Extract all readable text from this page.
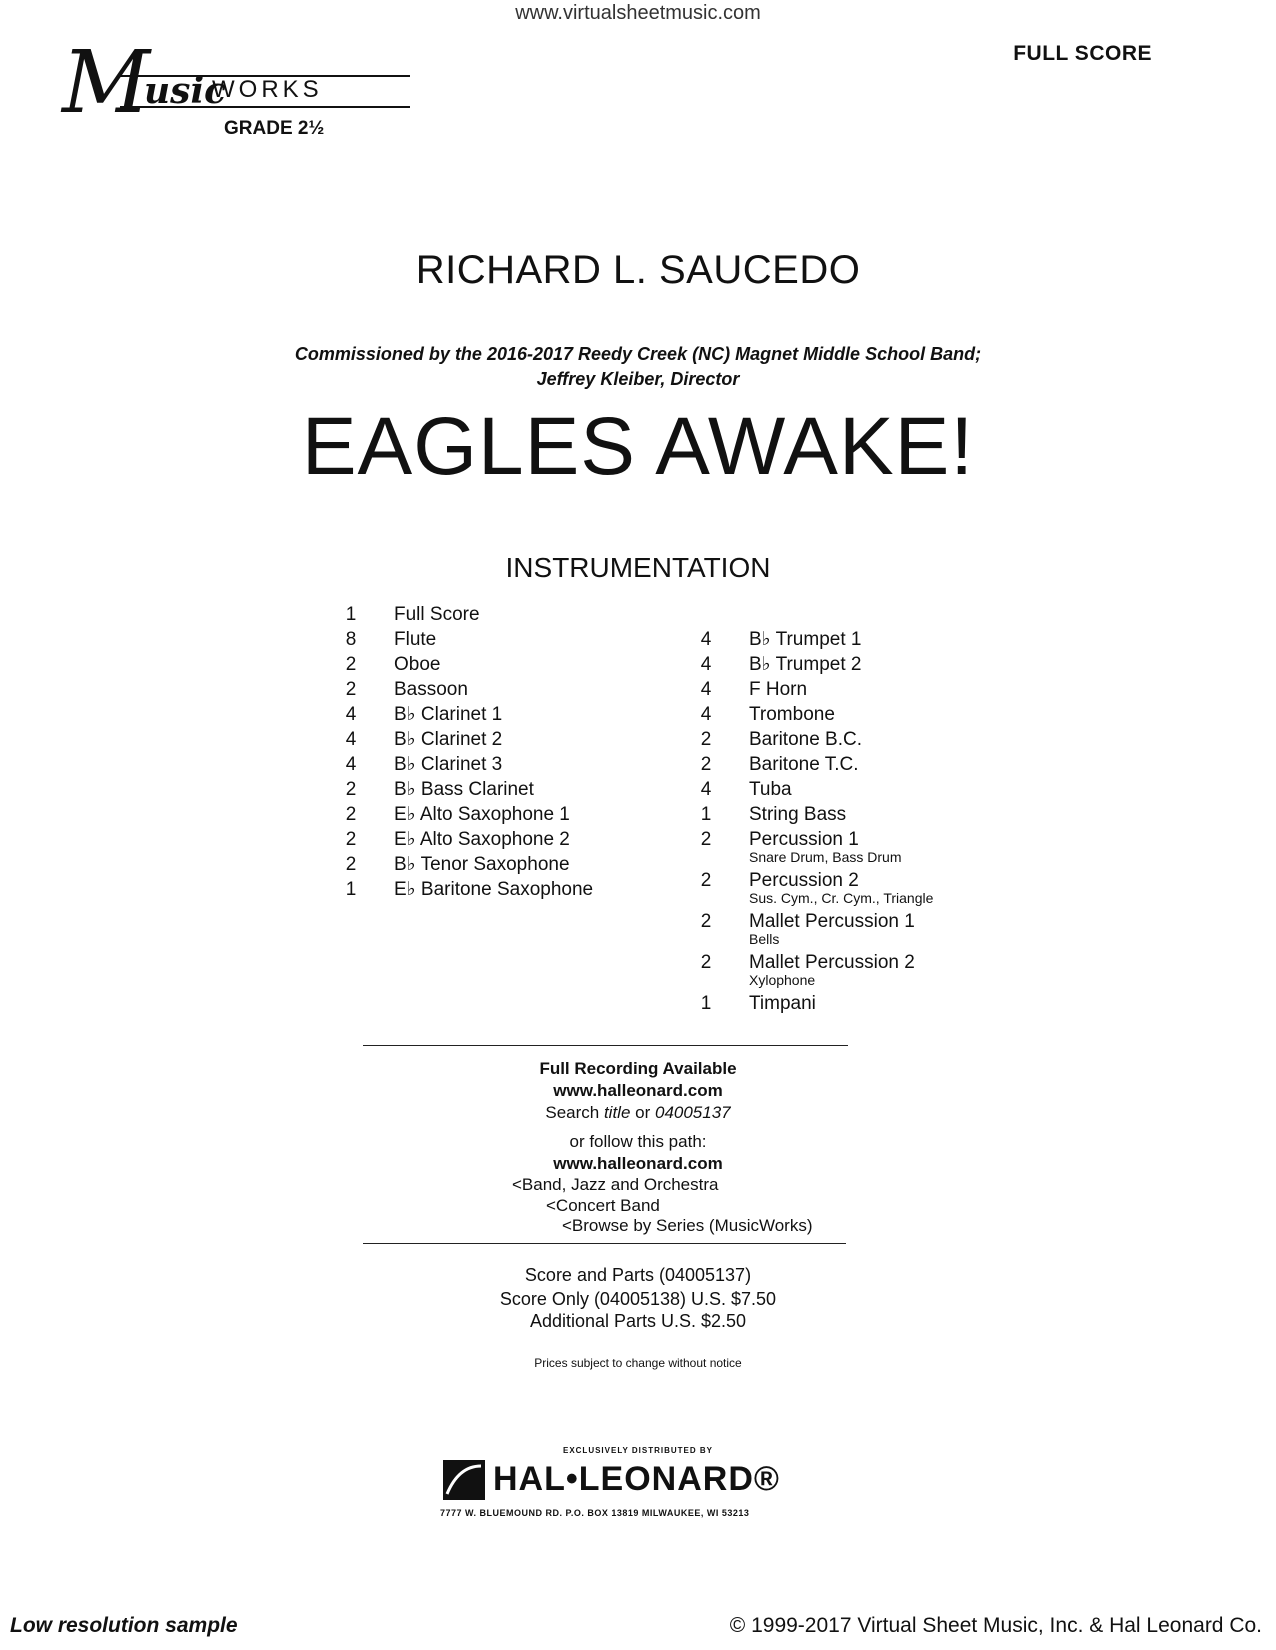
www.virtualsheetmusic.com
FULL SCORE
M
usic
WORKS
GRADE 2½
RICHARD L. SAUCEDO
Commissioned by the 2016-2017 Reedy Creek (NC) Magnet Middle School Band;
Jeffrey Kleiber, Director
EAGLES AWAKE!
INSTRUMENTATION
1	Full Score
8	Flute
2	Oboe
2	Bassoon
4	B♭ Clarinet 1
4	B♭ Clarinet 2
4	B♭ Clarinet 3
2	B♭ Bass Clarinet
2	E♭ Alto Saxophone 1
2	E♭ Alto Saxophone 2
2	B♭ Tenor Saxophone
1	E♭ Baritone Saxophone
4	B♭ Trumpet 1
4	B♭ Trumpet 2
4	F Horn
4	Trombone
2	Baritone B.C.
2	Baritone T.C.
4	Tuba
1	String Bass
2	Percussion 1
Snare Drum, Bass Drum
2	Percussion 2
Sus. Cym., Cr. Cym., Triangle
2	Mallet Percussion 1
Bells
2	Mallet Percussion 2
Xylophone
1	Timpani
Full Recording Available
www.halleonard.com
Search title or 04005137
or follow this path:
www.halleonard.com
<Band, Jazz and Orchestra
<Concert Band
<Browse by Series (MusicWorks)
Score and Parts (04005137)
Score Only (04005138) U.S. $7.50
Additional Parts U.S. $2.50
Prices subject to change without notice
EXCLUSIVELY DISTRIBUTED BY
HAL•LEONARD®
7777 W. BLUEMOUND RD. P.O. BOX 13819 MILWAUKEE, WI 53213
Low resolution sample	© 1999-2017 Virtual Sheet Music, Inc. & Hal Leonard Co.
